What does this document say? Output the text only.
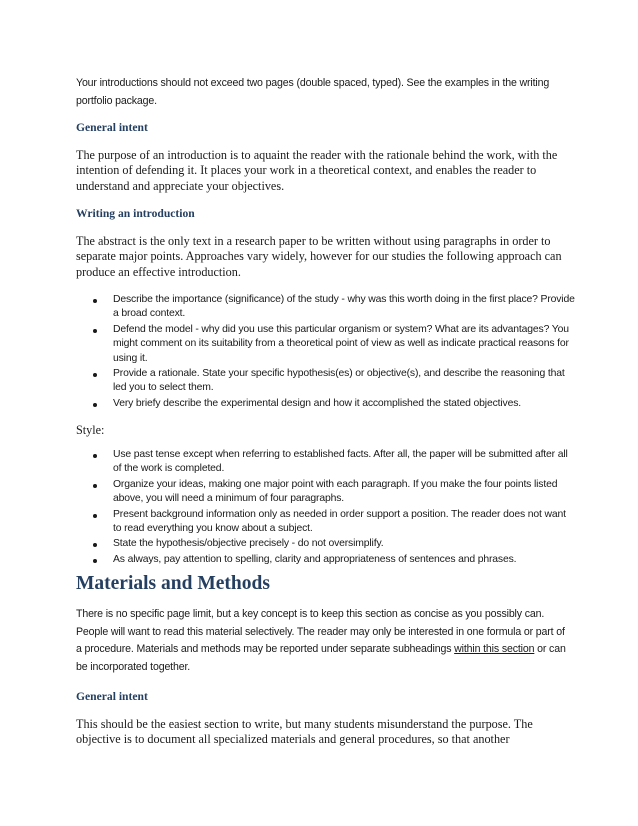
Your introductions should not exceed two pages (double spaced, typed). See the examples in the writing portfolio package.

General intent

The purpose of an introduction is to aquaint the reader with the rationale behind the work, with the intention of defending it. It places your work in a theoretical context, and enables the reader to understand and appreciate your objectives.

Writing an introduction

The abstract is the only text in a research paper to be written without using paragraphs in order to separate major points. Approaches vary widely, however for our studies the following approach can produce an effective introduction.

Describe the importance (significance) of the study - why was this worth doing in the first place? Provide a broad context.
Defend the model - why did you use this particular organism or system? What are its advantages? You might comment on its suitability from a theoretical point of view as well as indicate practical reasons for using it.
Provide a rationale. State your specific hypothesis(es) or objective(s), and describe the reasoning that led you to select them.
Very briefy describe the experimental design and how it accomplished the stated objectives.
Style:
Use past tense except when referring to established facts. After all, the paper will be submitted after all of the work is completed.
Organize your ideas, making one major point with each paragraph. If you make the four points listed above, you will need a minimum of four paragraphs.
Present background information only as needed in order support a position. The reader does not want to read everything you know about a subject.
State the hypothesis/objective precisely - do not oversimplify.
As always, pay attention to spelling, clarity and appropriateness of sentences and phrases.
Materials and Methods

There is no specific page limit, but a key concept is to keep this section as concise as you possibly can. People will want to read this material selectively. The reader may only be interested in one formula or part of a procedure. Materials and methods may be reported under separate subheadings within this section or can be incorporated together.

General intent

This should be the easiest section to write, but many students misunderstand the purpose. The objective is to document all specialized materials and general procedures, so that another
